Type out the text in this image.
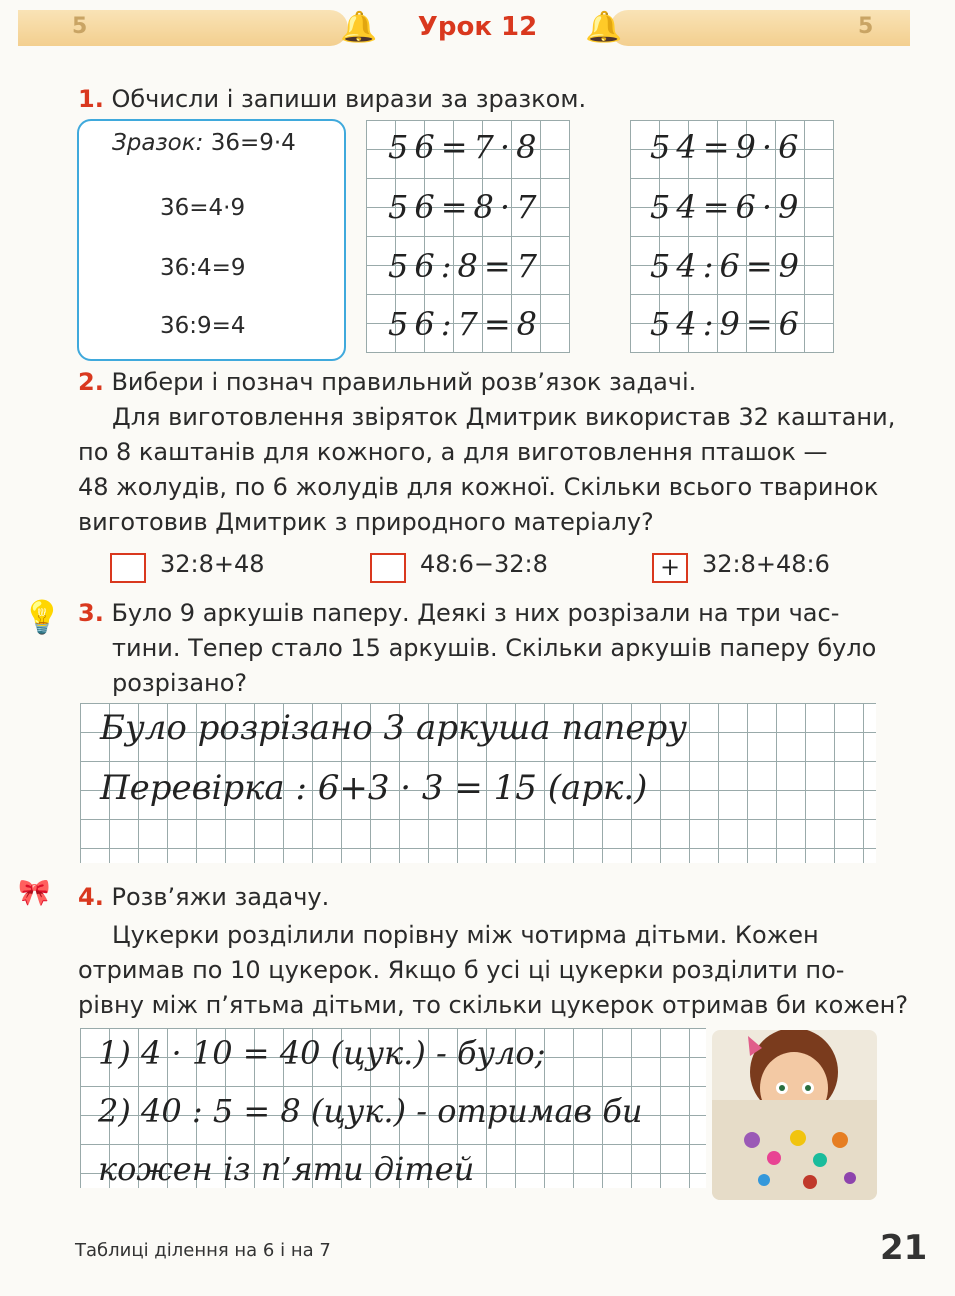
5	5
🔔	🔔
Урок 12
1. Обчисли і запиши вирази за зразком.
Зразок: 36=9·4
36=4·9
36:4=9
36:9=4
56=7·8
56=8·7
56:8=7
56:7=8
54=9·6
54=6·9
54:6=9
54:9=6
2. Вибери і познач правильний розв’язок задачі.
Для виготовлення звіряток Дмитрик використав 32 каштани,
по 8 каштанів для кожного, а для виготовлення пташок —
48 жолудів, по 6 жолудів для кожної. Скільки всього тваринок
виготовив Дмитрик з природного матеріалу?
32:8+48	48:6−32:8	+ 32:8+48:6
💡 3. Було 9 аркушів паперу. Деякі з них розрізали на три час-
тини. Тепер стало 15 аркушів. Скільки аркушів паперу було
розрізано?
Було розрізано 3 аркуша паперу
Перевірка : 6+3 · 3 = 15 (арк.)
🎀 4. Розв’яжи задачу.
Цукерки розділили порівну між чотирма дітьми. Кожен
отримав по 10 цукерок. Якщо б усі ці цукерки розділити по-
рівну між п’ятьма дітьми, то скільки цукерок отримав би кожен?
1) 4 · 10 = 40 (цук.) - було;
2) 40 : 5 = 8 (цук.) - отримав би
кожен із п’яти дітей
Таблиці ділення на 6 і на 7	21
